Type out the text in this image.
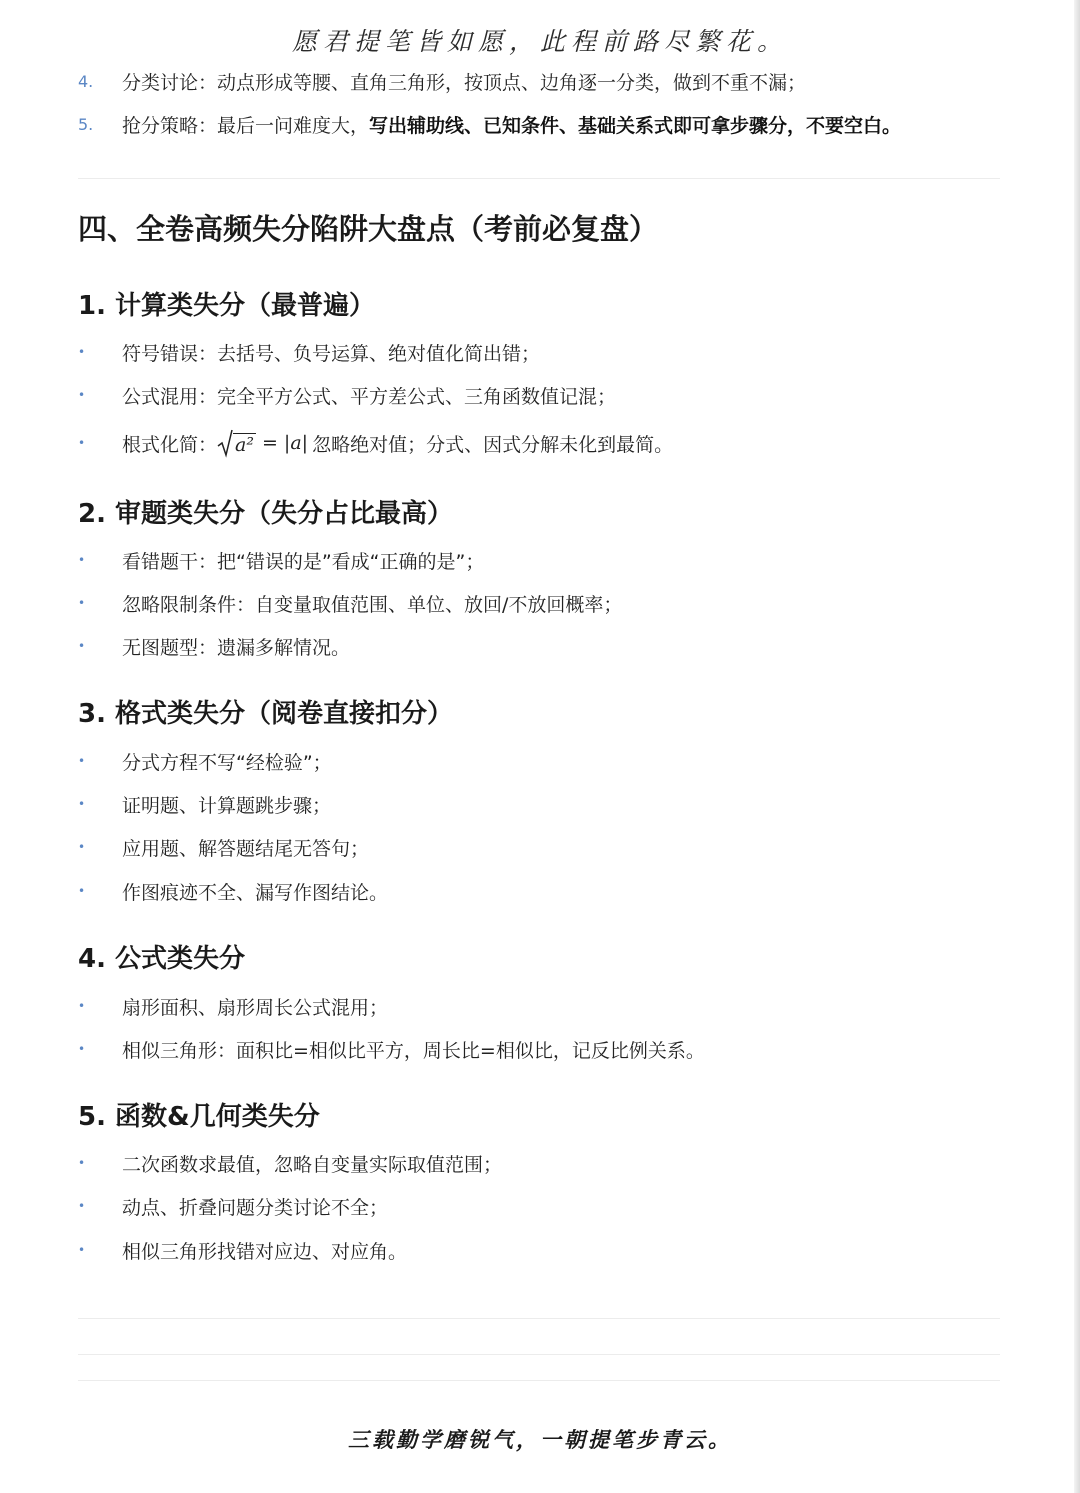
愿君提笔皆如愿，此程前路尽繁花。
4.	分类讨论：动点形成等腰、直角三角形，按顶点、边角逐一分类，做到不重不漏；
5.	抢分策略：最后一问难度大，写出辅助线、已知条件、基础关系式即可拿步骤分，不要空白。
四、全卷高频失分陷阱大盘点（考前必复盘）
1. 计算类失分（最普遍）
•	符号错误：去括号、负号运算、绝对值化简出错；
•	公式混用：完全平方公式、平方差公式、三角函数值记混；
•	根式化简： a² = |a| 忽略绝对值；分式、因式分解未化到最简。
2. 审题类失分（失分占比最高）
•	看错题干：把“错误的是”看成“正确的是”；
•	忽略限制条件：自变量取值范围、单位、放回/不放回概率；
•	无图题型：遗漏多解情况。
3. 格式类失分（阅卷直接扣分）
•	分式方程不写“经检验”；
•	证明题、计算题跳步骤；
•	应用题、解答题结尾无答句；
•	作图痕迹不全、漏写作图结论。
4. 公式类失分
•	扇形面积、扇形周长公式混用；
•	相似三角形：面积比=相似比平方，周长比=相似比，记反比例关系。
5. 函数&几何类失分
•	二次函数求最值，忽略自变量实际取值范围；
•	动点、折叠问题分类讨论不全；
•	相似三角形找错对应边、对应角。
三载勤学磨锐气，一朝提笔步青云。
